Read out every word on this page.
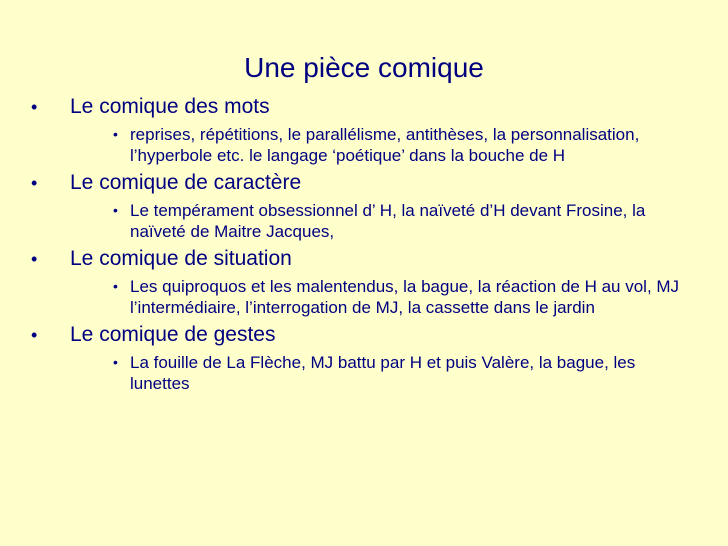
Une pièce comique
• Le comique des mots
• reprises, répétitions, le parallélisme, antithèses, la personnalisation, l’hyperbole etc. le langage ‘poétique’ dans la bouche de H
• Le comique de caractère
• Le tempérament obsessionnel d’ H, la naïveté d’H devant Frosine, la naïveté de Maitre Jacques,
• Le comique de situation
• Les quiproquos et les malentendus, la bague, la réaction de H au vol, MJ l’intermédiaire, l’interrogation de MJ, la cassette dans le jardin
• Le comique de gestes
• La fouille de La Flèche, MJ battu par H et puis Valère, la bague, les lunettes
